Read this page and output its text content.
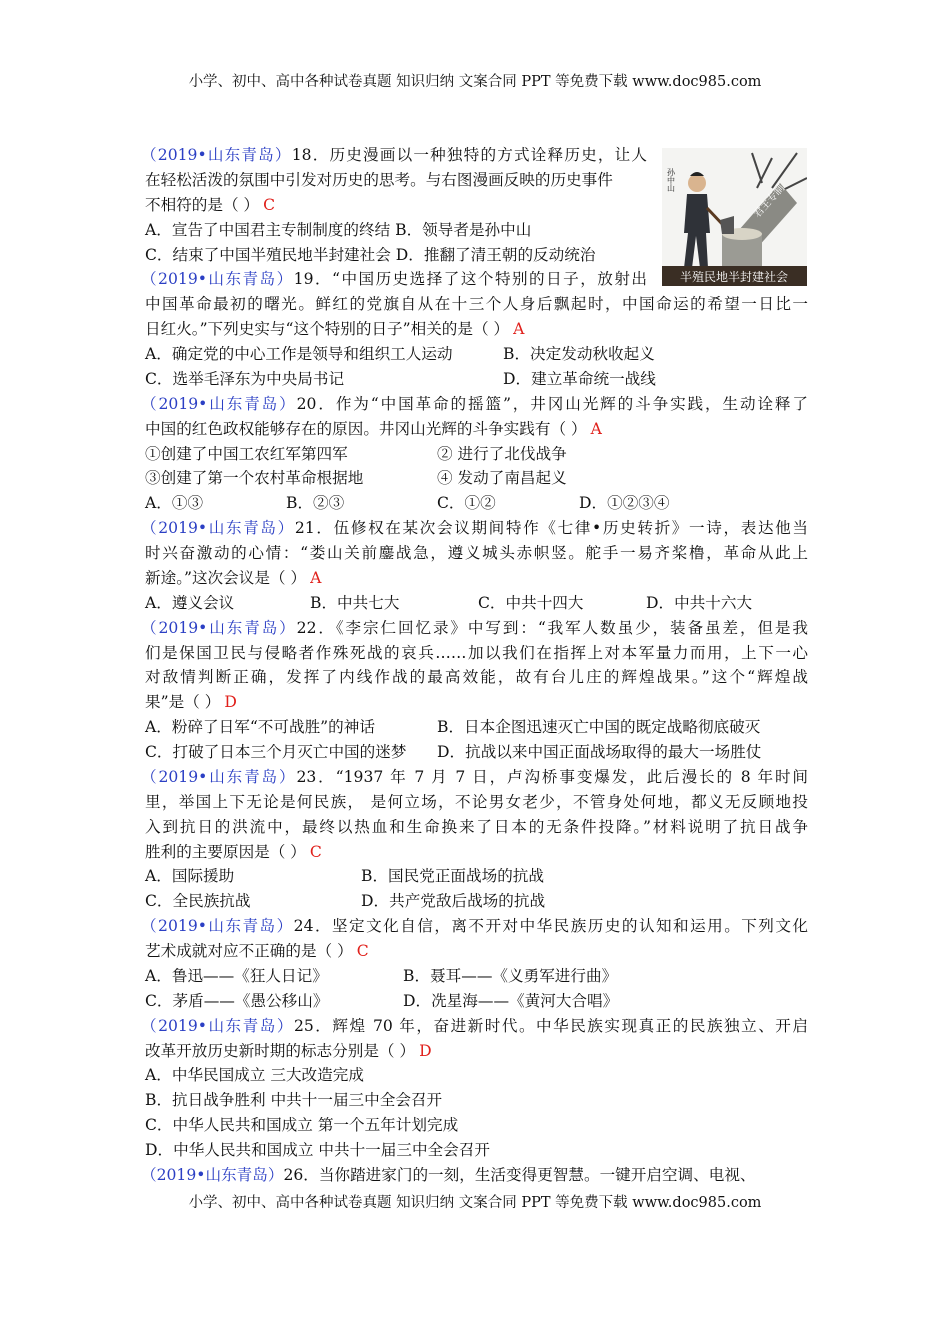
小学、初中、高中各种试卷真题 知识归纳 文案合同 PPT 等免费下载 www.doc985.com
君主专制
孙中山
半殖民地半封建社会
（2019•山东青岛）18．历史漫画以一种独特的方式诠释历史，让人
在轻松活泼的氛围中引发对历史的思考。与右图漫画反映的历史事件
不相符的是（ ） C
A．宣告了中国君主专制制度的终结 B．领导者是孙中山
C．结束了中国半殖民地半封建社会 D．推翻了清王朝的反动统治
（2019•山东青岛）19．“中国历史选择了这个特别的日子，放射出
中国革命最初的曙光。鲜红的党旗自从在十三个人身后飘起时，中国命运的希望一日比一
日红火。”下列史实与“这个特别的日子”相关的是（ ） A
A．确定党的中心工作是领导和组织工人运动	B．决定发动秋收起义
C．选举毛泽东为中央局书记	D．建立革命统一战线
（2019•山东青岛）20．作为“中国革命的摇篮”，井冈山光辉的斗争实践，生动诠释了
中国的红色政权能够存在的原因。井冈山光辉的斗争实践有（ ） A
①创建了中国工农红军第四军	② 进行了北伐战争
③创建了第一个农村革命根据地	④ 发动了南昌起义
A．①③	B．②③	C．①②	D．①②③④
（2019•山东青岛）21．伍修权在某次会议期间特作《七律•历史转折》一诗，表达他当
时兴奋激动的心情：“娄山关前鏖战急，遵义城头赤帜竖。舵手一易齐桨橹，革命从此上
新途。”这次会议是（ ） A
A．遵义会议	B．中共七大	C．中共十四大	D．中共十六大
（2019•山东青岛）22．《李宗仁回忆录》中写到：“我军人数虽少，装备虽差，但是我
们是保国卫民与侵略者作殊死战的哀兵……加以我们在指挥上对本军量力而用，上下一心
对敌情判断正确，发挥了内线作战的最高效能，故有台儿庄的辉煌战果。”这个“辉煌战
果”是（ ） D
A．粉碎了日军“不可战胜”的神话	B．日本企图迅速灭亡中国的既定战略彻底破灭
C．打破了日本三个月灭亡中国的迷梦 D．抗战以来中国正面战场取得的最大一场胜仗
（2019•山东青岛）23．“1937 年 7 月 7 日，卢沟桥事变爆发，此后漫长的 8 年时间
里，举国上下无论是何民族， 是何立场，不论男女老少，不管身处何地，都义无反顾地投
入到抗日的洪流中，最终以热血和生命换来了日本的无条件投降。”材料说明了抗日战争
胜利的主要原因是（ ） C
A．国际援助	B．国民党正面战场的抗战
C．全民族抗战	D．共产党敌后战场的抗战
（2019•山东青岛）24．坚定文化自信，离不开对中华民族历史的认知和运用。下列文化
艺术成就对应不正确的是（ ） C
A．鲁迅——《狂人日记》	B．聂耳——《义勇军进行曲》
C．茅盾——《愚公移山》	D．冼星海——《黄河大合唱》
（2019•山东青岛）25．辉煌 70 年，奋进新时代。中华民族实现真正的民族独立、开启
改革开放历史新时期的标志分别是（ ） D
A．中华民国成立 三大改造完成
B．抗日战争胜利 中共十一届三中全会召开
C．中华人民共和国成立 第一个五年计划完成
D．中华人民共和国成立 中共十一届三中全会召开
（2019•山东青岛）26．当你踏进家门的一刻，生活变得更智慧。一键开启空调、电视、
小学、初中、高中各种试卷真题 知识归纳 文案合同 PPT 等免费下载 www.doc985.com
